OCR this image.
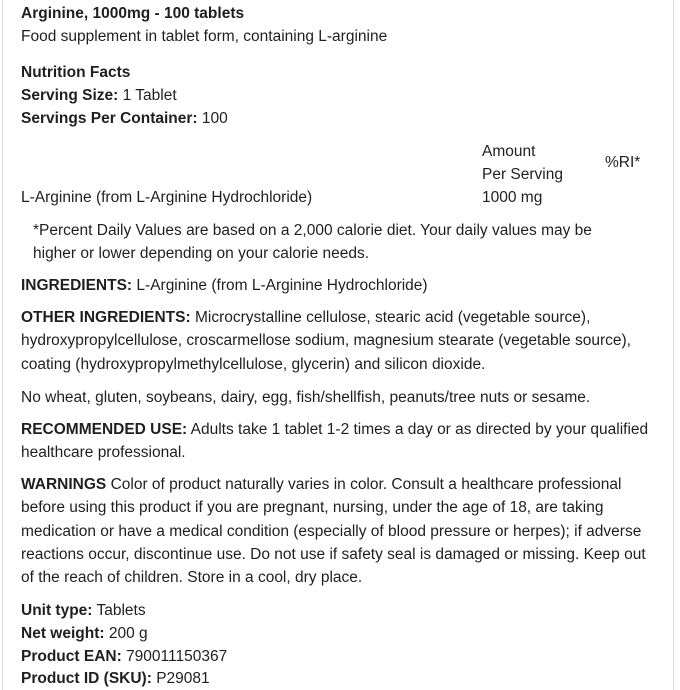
Arginine, 1000mg - 100 tablets
Food supplement in tablet form, containing L-arginine
Nutrition Facts
Serving Size: 1 Tablet
Servings Per Container: 100
Amount
Per Serving
%RI*
L-Arginine (from L-Arginine Hydrochloride)	1000 mg
*Percent Daily Values are based on a 2,000 calorie diet. Your daily values may be higher or lower depending on your calorie needs.
INGREDIENTS: L-Arginine (from L-Arginine Hydrochloride)
OTHER INGREDIENTS: Microcrystalline cellulose, stearic acid (vegetable source), hydroxypropylcellulose, croscarmellose sodium, magnesium stearate (vegetable source), coating (hydroxypropylmethylcellulose, glycerin) and silicon dioxide.
No wheat, gluten, soybeans, dairy, egg, fish/shellfish, peanuts/tree nuts or sesame.
RECOMMENDED USE: Adults take 1 tablet 1-2 times a day or as directed by your qualified healthcare professional.
WARNINGS Color of product naturally varies in color. Consult a healthcare professional before using this product if you are pregnant, nursing, under the age of 18, are taking medication or have a medical condition (especially of blood pressure or herpes); if adverse reactions occur, discontinue use. Do not use if safety seal is damaged or missing. Keep out of the reach of children. Store in a cool, dry place.
Unit type: Tablets
Net weight: 200 g
Product EAN: 790011150367
Product ID (SKU): P29081
